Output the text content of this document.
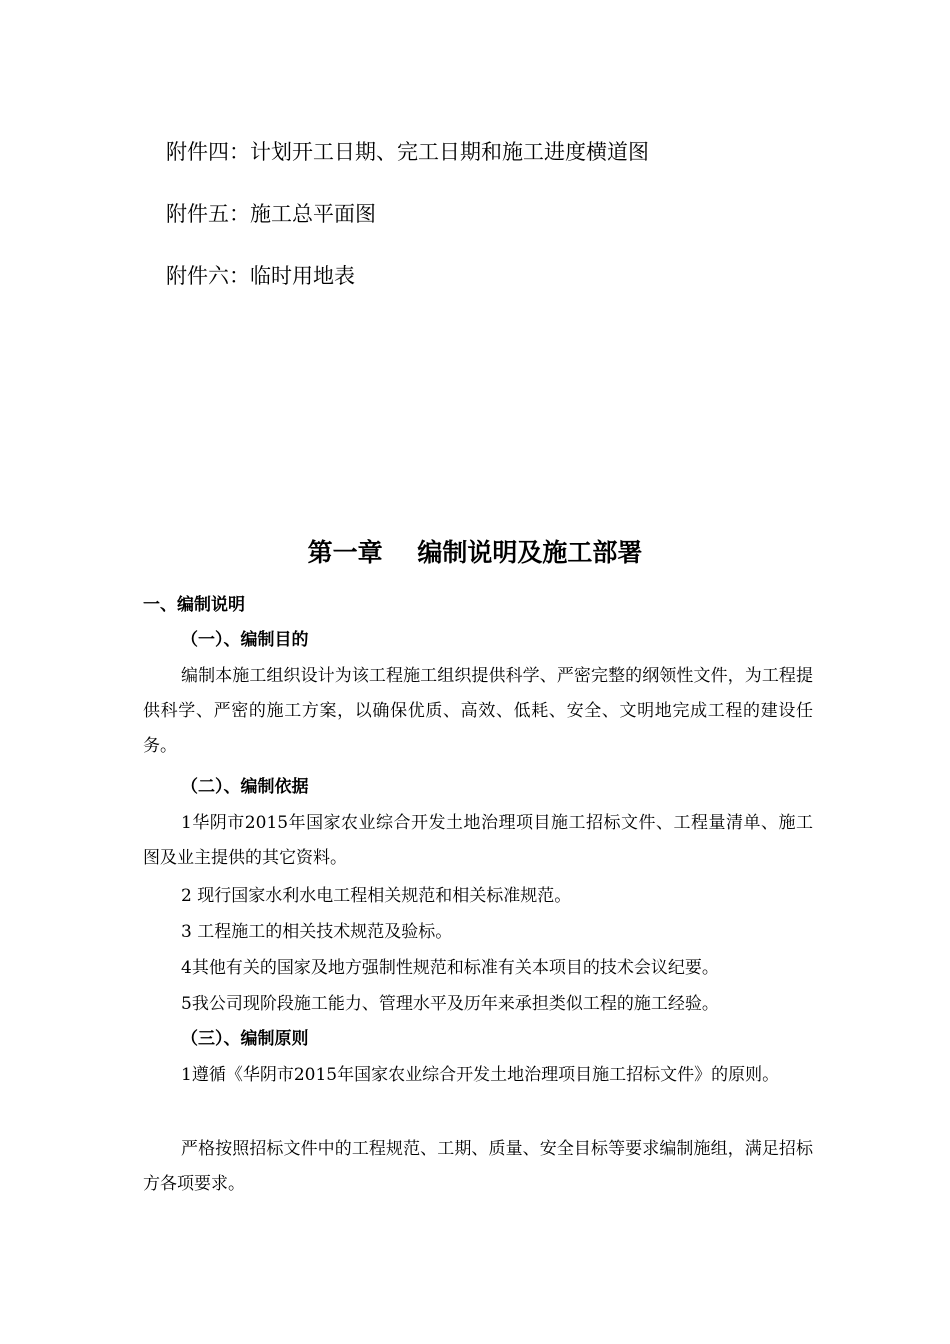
附件四：计划开工日期、完工日期和施工进度横道图
附件五：施工总平面图
附件六：临时用地表
第一章    编制说明及施工部署
一、编制说明
（一）、编制目的
编制本施工组织设计为该工程施工组织提供科学、严密完整的纲领性文件，为工程提供科学、严密的施工方案，以确保优质、高效、低耗、安全、文明地完成工程的建设任务。
（二）、编制依据
1华阴市2015年国家农业综合开发土地治理项目施工招标文件、工程量清单、施工图及业主提供的其它资料。
2 现行国家水利水电工程相关规范和相关标准规范。
3 工程施工的相关技术规范及验标。
4其他有关的国家及地方强制性规范和标准有关本项目的技术会议纪要。
5我公司现阶段施工能力、管理水平及历年来承担类似工程的施工经验。
（三）、编制原则
1遵循《华阴市2015年国家农业综合开发土地治理项目施工招标文件》的原则。
严格按照招标文件中的工程规范、工期、质量、安全目标等要求编制施组，满足招标方各项要求。
